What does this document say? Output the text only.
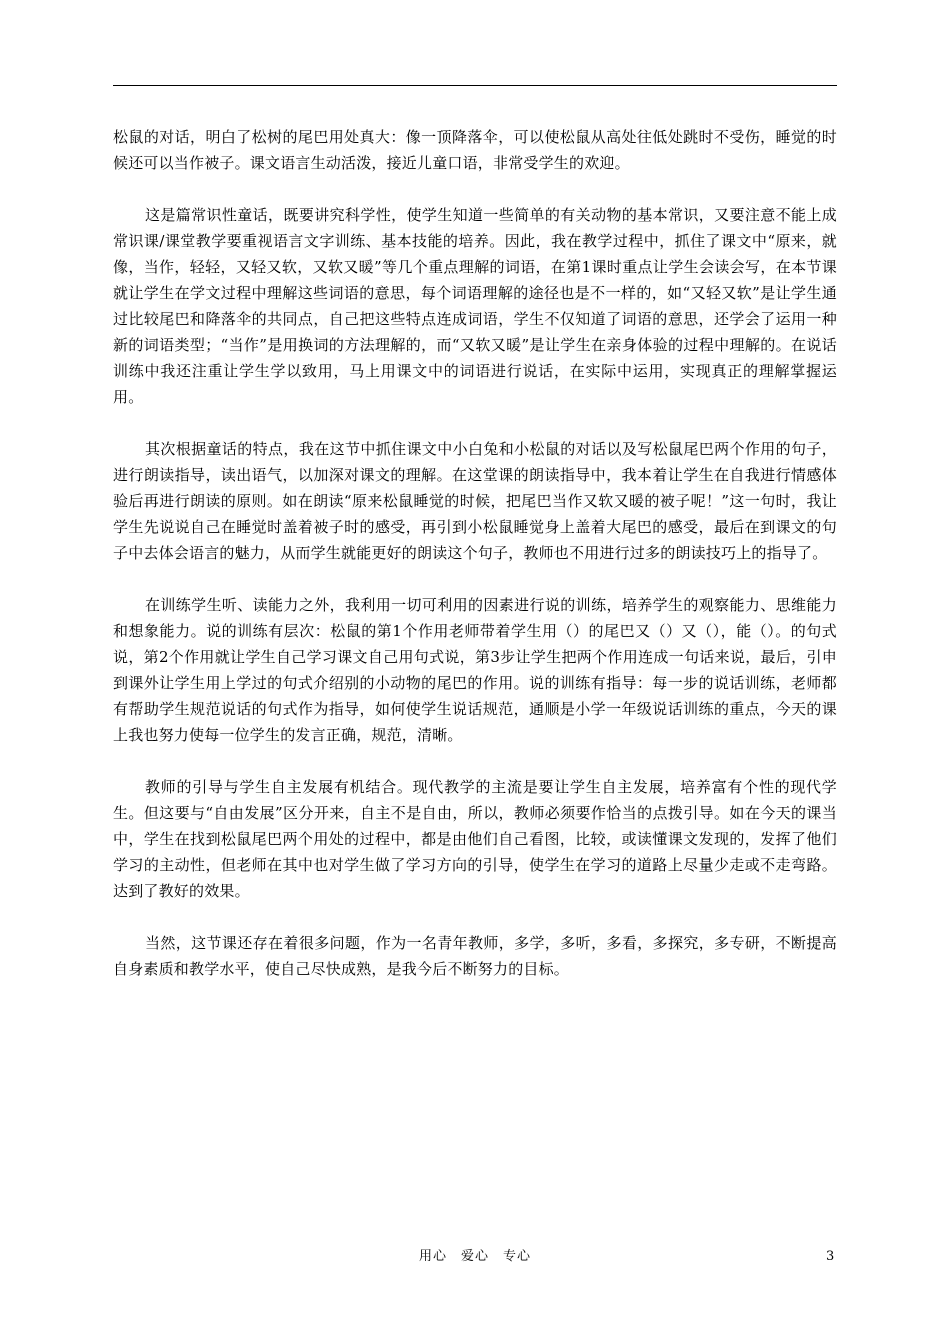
松鼠的对话，明白了松树的尾巴用处真大：像一顶降落伞，可以使松鼠从高处往低处跳时不受伤，睡觉的时候还可以当作被子。课文语言生动活泼，接近儿童口语，非常受学生的欢迎。

这是篇常识性童话，既要讲究科学性，使学生知道一些简单的有关动物的基本常识，又要注意不能上成常识课/课堂教学要重视语言文字训练、基本技能的培养。因此，我在教学过程中，抓住了课文中“原来，就像，当作，轻轻，又轻又软，又软又暖”等几个重点理解的词语，在第1课时重点让学生会读会写，在本节课就让学生在学文过程中理解这些词语的意思，每个词语理解的途径也是不一样的，如“又轻又软”是让学生通过比较尾巴和降落伞的共同点，自己把这些特点连成词语，学生不仅知道了词语的意思，还学会了运用一种新的词语类型；“当作”是用换词的方法理解的，而“又软又暖”是让学生在亲身体验的过程中理解的。在说话训练中我还注重让学生学以致用，马上用课文中的词语进行说话，在实际中运用，实现真正的理解掌握运用。

其次根据童话的特点，我在这节中抓住课文中小白兔和小松鼠的对话以及写松鼠尾巴两个作用的句子，进行朗读指导，读出语气，以加深对课文的理解。在这堂课的朗读指导中，我本着让学生在自我进行情感体验后再进行朗读的原则。如在朗读“原来松鼠睡觉的时候，把尾巴当作又软又暖的被子呢！”这一句时，我让学生先说说自己在睡觉时盖着被子时的感受，再引到小松鼠睡觉身上盖着大尾巴的感受，最后在到课文的句子中去体会语言的魅力，从而学生就能更好的朗读这个句子，教师也不用进行过多的朗读技巧上的指导了。

在训练学生听、读能力之外，我利用一切可利用的因素进行说的训练，培养学生的观察能力、思维能力和想象能力。说的训练有层次：松鼠的第1个作用老师带着学生用（）的尾巴又（）又（），能（）。的句式说，第2个作用就让学生自己学习课文自己用句式说，第3步让学生把两个作用连成一句话来说，最后，引申到课外让学生用上学过的句式介绍别的小动物的尾巴的作用。说的训练有指导：每一步的说话训练，老师都有帮助学生规范说话的句式作为指导，如何使学生说话规范，通顺是小学一年级说话训练的重点，今天的课上我也努力使每一位学生的发言正确，规范，清晰。

教师的引导与学生自主发展有机结合。现代教学的主流是要让学生自主发展，培养富有个性的现代学生。但这要与“自由发展”区分开来，自主不是自由，所以，教师必须要作恰当的点拨引导。如在今天的课当中，学生在找到松鼠尾巴两个用处的过程中，都是由他们自己看图，比较，或读懂课文发现的，发挥了他们学习的主动性，但老师在其中也对学生做了学习方向的引导，使学生在学习的道路上尽量少走或不走弯路。达到了教好的效果。

当然，这节课还存在着很多问题，作为一名青年教师，多学，多听，多看，多探究，多专研，不断提高自身素质和教学水平，使自己尽快成熟，是我今后不断努力的目标。

用心　爱心　专心	3
